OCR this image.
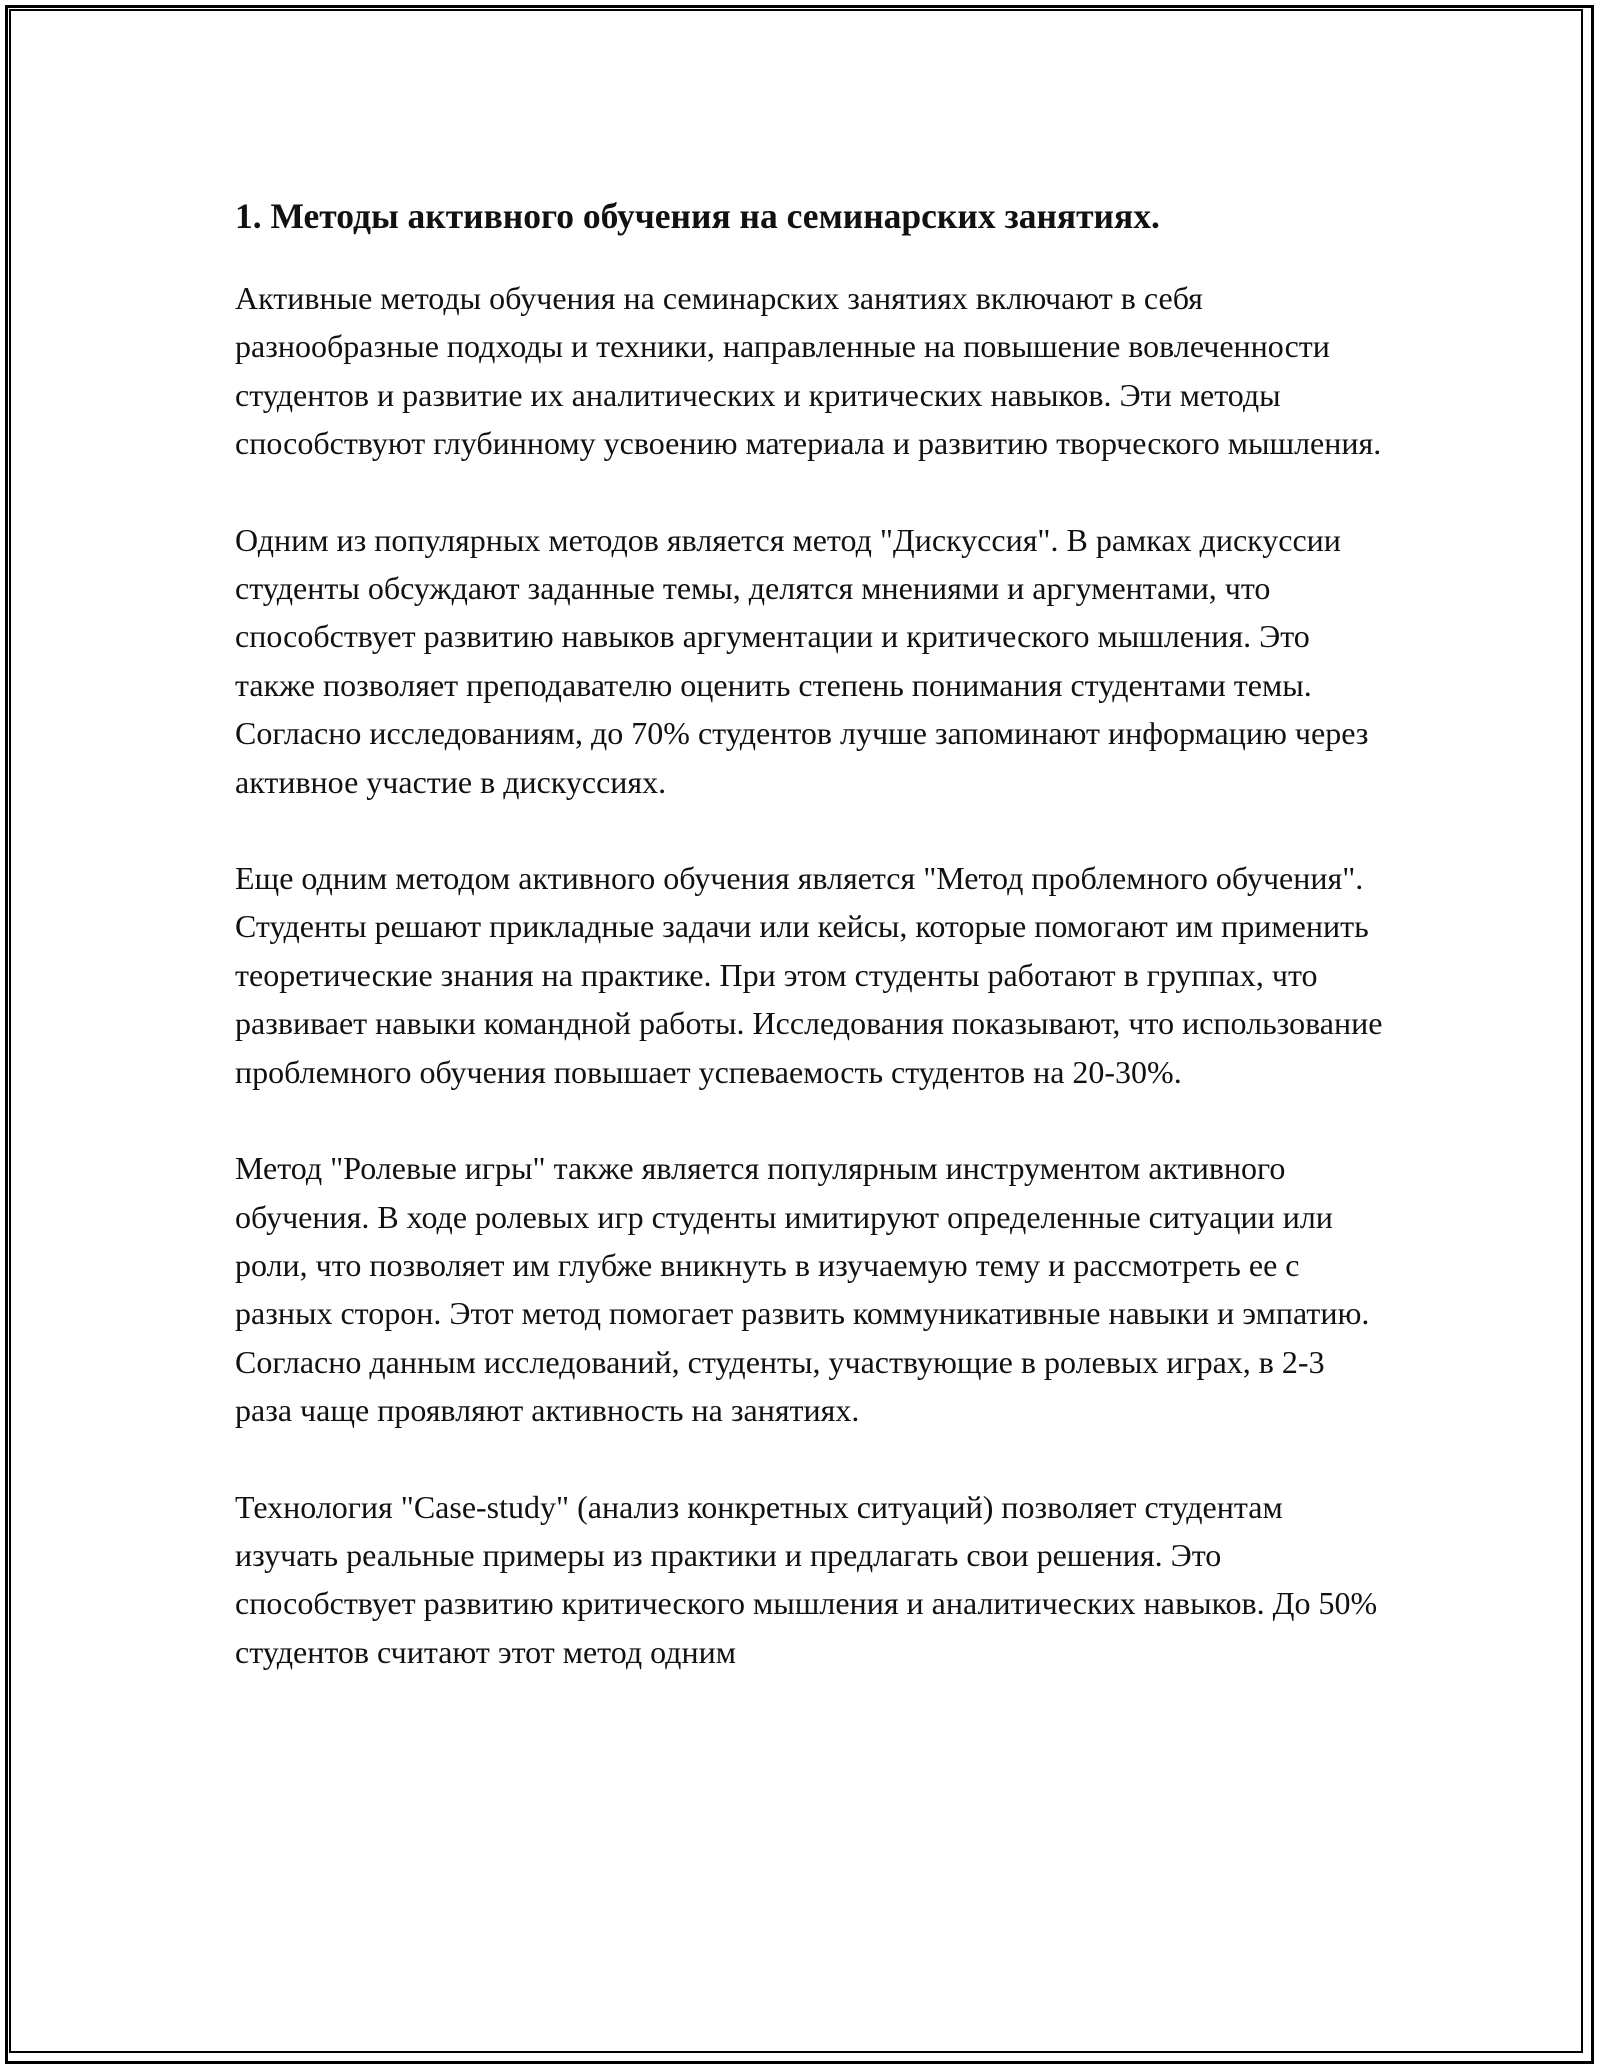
1. Методы активного обучения на семинарских занятиях.

Активные методы обучения на семинарских занятиях включают в себя разнообразные подходы и техники, направленные на повышение вовлеченности студентов и развитие их аналитических и критических навыков. Эти методы способствуют глубинному усвоению материала и развитию творческого мышления.

Одним из популярных методов является метод "Дискуссия". В рамках дискуссии студенты обсуждают заданные темы, делятся мнениями и аргументами, что способствует развитию навыков аргументации и критического мышления. Это также позволяет преподавателю оценить степень понимания студентами темы. Согласно исследованиям, до 70% студентов лучше запоминают информацию через активное участие в дискуссиях.

Еще одним методом активного обучения является "Метод проблемного обучения". Студенты решают прикладные задачи или кейсы, которые помогают им применить теоретические знания на практике. При этом студенты работают в группах, что развивает навыки командной работы. Исследования показывают, что использование проблемного обучения повышает успеваемость студентов на 20-30%.

Метод "Ролевые игры" также является популярным инструментом активного обучения. В ходе ролевых игр студенты имитируют определенные ситуации или роли, что позволяет им глубже вникнуть в изучаемую тему и рассмотреть ее с разных сторон. Этот метод помогает развить коммуникативные навыки и эмпатию. Согласно данным исследований, студенты, участвующие в ролевых играх, в 2-3 раза чаще проявляют активность на занятиях.

Технология "Case-study" (анализ конкретных ситуаций) позволяет студентам изучать реальные примеры из практики и предлагать свои решения. Это способствует развитию критического мышления и аналитических навыков. До 50% студентов считают этот метод одним
